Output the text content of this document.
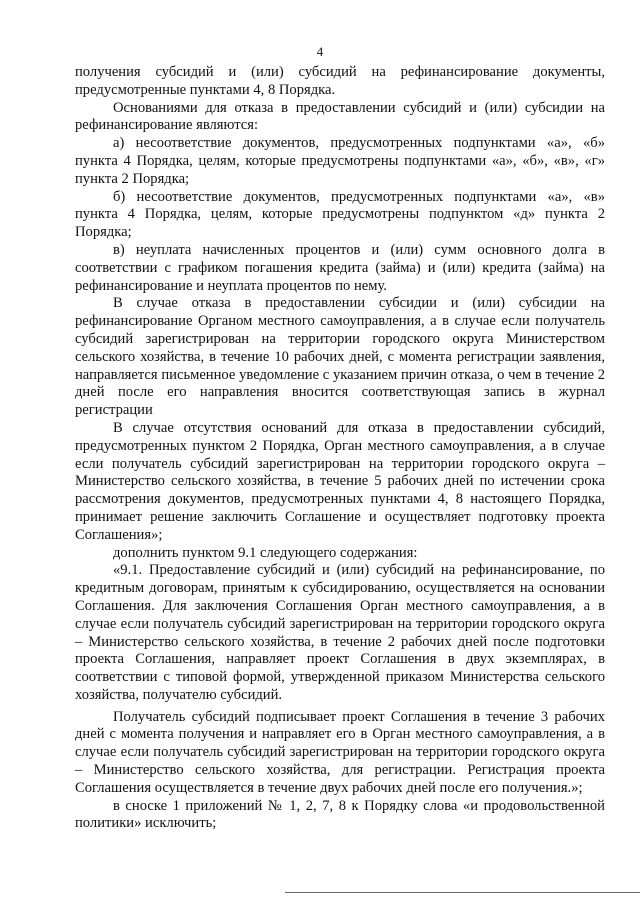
4

получения субсидий и (или) субсидий на рефинансирование документы, предусмотренные пунктами 4, 8 Порядка.

Основаниями для отказа в предоставлении субсидий и (или) субсидии на рефинансирование являются:

а) несоответствие документов, предусмотренных подпунктами «а», «б» пункта 4 Порядка, целям, которые предусмотрены подпунктами «а», «б», «в», «г» пункта 2 Порядка;

б) несоответствие документов, предусмотренных подпунктами «а», «в» пункта 4 Порядка, целям, которые предусмотрены подпунктом «д» пункта 2 Порядка;

в) неуплата начисленных процентов и (или) сумм основного долга в соответствии с графиком погашения кредита (займа) и (или) кредита (займа) на рефинансирование и неуплата процентов по нему.

В случае отказа в предоставлении субсидии и (или) субсидии на рефинансирование Органом местного самоуправления, а в случае если получатель субсидий зарегистрирован на территории городского округа Министерством сельского хозяйства, в течение 10 рабочих дней, с момента регистрации заявления, направляется письменное уведомление с указанием причин отказа, о чем в течение 2 дней после его направления вносится соответствующая запись в журнал регистрации

В случае отсутствия оснований для отказа в предоставлении субсидий, предусмотренных пунктом 2 Порядка, Орган местного самоуправления, а в случае если получатель субсидий зарегистрирован на территории городского округа – Министерство сельского хозяйства, в течение 5 рабочих дней по истечении срока рассмотрения документов, предусмотренных пунктами 4, 8 настоящего Порядка, принимает решение заключить Соглашение и осуществляет подготовку проекта Соглашения»;

дополнить пунктом 9.1 следующего содержания:

«9.1. Предоставление субсидий и (или) субсидий на рефинансирование, по кредитным договорам, принятым к субсидированию, осуществляется на основании Соглашения. Для заключения Соглашения Орган местного самоуправления, а в случае если получатель субсидий зарегистрирован на территории городского округа – Министерство сельского хозяйства, в течение 2 рабочих дней после подготовки проекта Соглашения, направляет проект Соглашения в двух экземплярах, в соответствии с типовой формой, утвержденной приказом Министерства сельского хозяйства, получателю субсидий.

Получатель субсидий подписывает проект Соглашения в течение 3 рабочих дней с момента получения и направляет его в Орган местного самоуправления, а в случае если получатель субсидий зарегистрирован на территории городского округа – Министерство сельского хозяйства, для регистрации. Регистрация проекта Соглашения осуществляется в течение двух рабочих дней после его получения.»;

в сноске 1 приложений № 1, 2, 7, 8 к Порядку слова «и продовольственной политики» исключить;
